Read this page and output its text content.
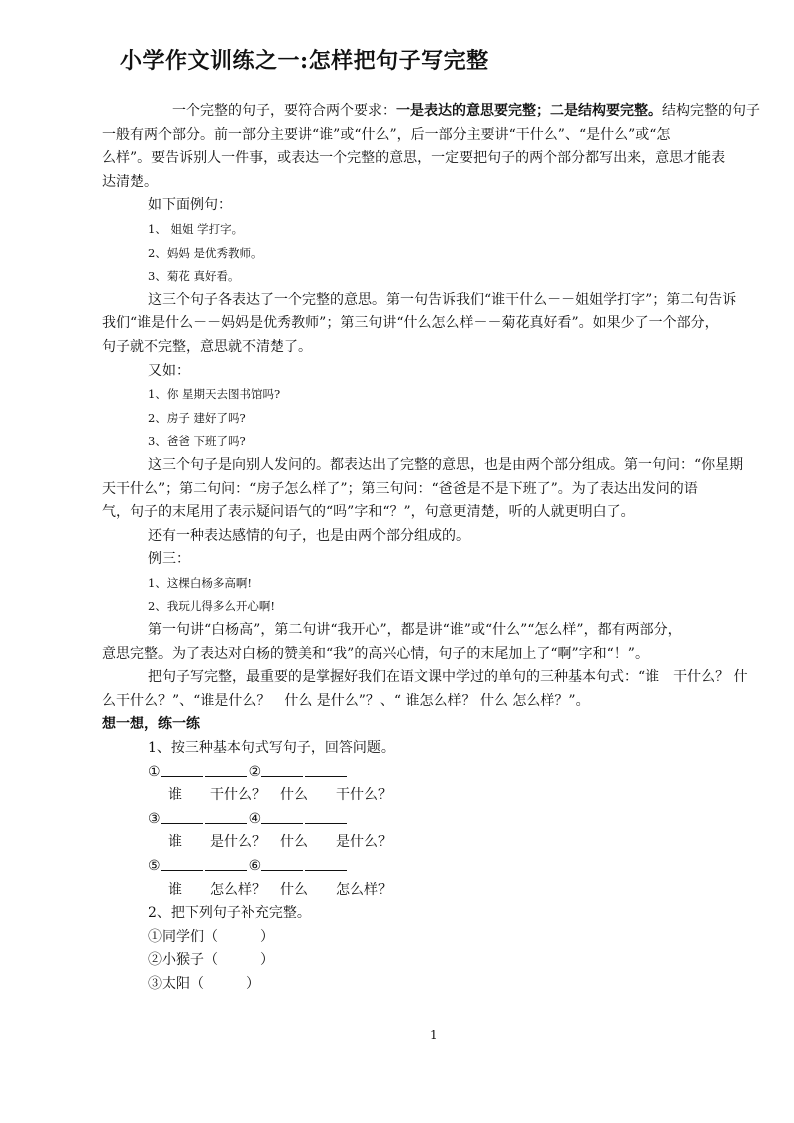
小学作文训练之一:怎样把句子写完整
一个完整的句子，要符合两个要求：一是表达的意思要完整；二是结构要完整。结构完整的句子
一般有两个部分。前一部分主要讲“谁”或“什么”，后一部分主要讲“干什么”、“是什么”或“怎
么样”。要告诉别人一件事，或表达一个完整的意思，一定要把句子的两个部分都写出来，意思才能表
达清楚。
如下面例句：
1、 姐姐 学打字。
2、妈妈 是优秀教师。
3、菊花 真好看。
这三个句子各表达了一个完整的意思。第一句告诉我们“谁干什么－－姐姐学打字”；第二句告诉
我们“谁是什么－－妈妈是优秀教师”；第三句讲“什么怎么样－－菊花真好看”。如果少了一个部分，
句子就不完整，意思就不清楚了。
又如：
1、你 星期天去图书馆吗?
2、房子 建好了吗?
3、爸爸 下班了吗?
这三个句子是向别人发问的。都表达出了完整的意思，也是由两个部分组成。第一句问：“你星期
天干什么”；第二句问：“房子怎么样了”；第三句问：“爸爸是不是下班了”。为了表达出发问的语
气，句子的末尾用了表示疑问语气的“吗”字和“？”，句意更清楚，听的人就更明白了。
还有一种表达感情的句子，也是由两个部分组成的。
例三：
1、这棵白杨多高啊!
2、我玩儿得多么开心啊!
第一句讲“白杨高”，第二句讲“我开心”，都是讲“谁”或“什么”“怎么样”，都有两部分，
意思完整。为了表达对白杨的赞美和“我”的高兴心情，句子的末尾加上了“啊”字和“！”。
把句子写完整，最重要的是掌握好我们在语文课中学过的单句的三种基本句式：“谁　干什么？ 什
么干什么？”、“谁是什么？　什么 是什么”？、“ 谁怎么样？ 什么 怎么样？”。
想一想，练一练
1、按三种基本句式写句子，回答问题。
①	②
谁 干什么？ 什么 干什么？
③	④
谁 是什么？ 什么 是什么？
⑤	⑥
谁 怎么样？ 什么 怎么样？
2、把下列句子补充完整。
①同学们（　　　）
②小猴子（　　　）
③太阳（　　　）
1
